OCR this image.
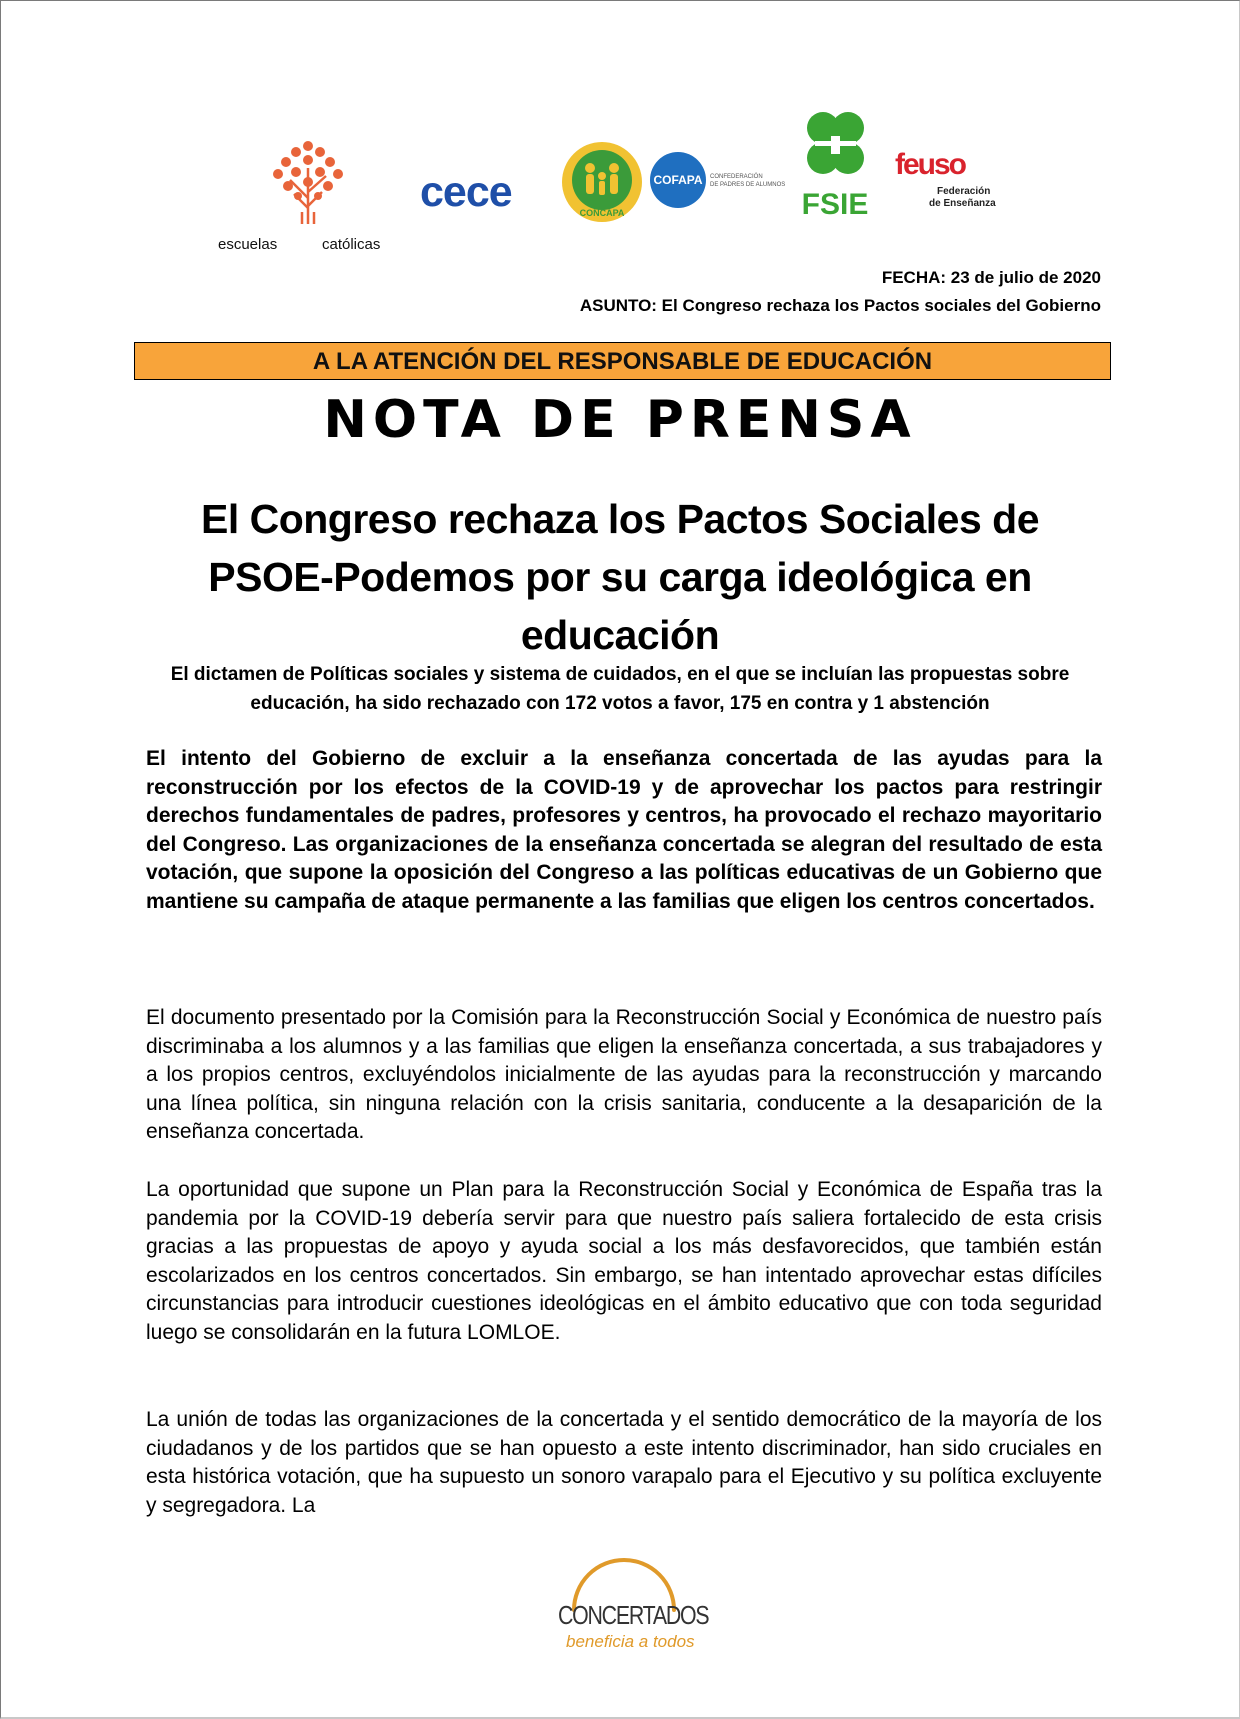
escuelas	católicas
cece	CONCAPA
COFAPA CONFEDERACIÓN
DE PADRES DE ALUMNOS
FSIE
feuso
Federación
de Enseñanza
FECHA: 23 de julio de 2020
ASUNTO: El Congreso rechaza los Pactos sociales del Gobierno
A LA ATENCIÓN DEL RESPONSABLE DE EDUCACIÓN
NOTA DE PRENSA
El Congreso rechaza los Pactos Sociales de PSOE-Podemos por su carga ideológica en educación
El dictamen de Políticas sociales y sistema de cuidados, en el que se incluían las propuestas sobre educación, ha sido rechazado con 172 votos a favor, 175 en contra y 1 abstención
El intento del Gobierno de excluir a la enseñanza concertada de las ayudas para la reconstrucción por los efectos de la COVID-19 y de aprovechar los pactos para restringir derechos fundamentales de padres, profesores y centros, ha provocado el rechazo mayoritario del Congreso. Las organizaciones de la enseñanza concertada se alegran del resultado de esta votación, que supone la oposición del Congreso a las políticas educativas de un Gobierno que mantiene su campaña de ataque permanente a las familias que eligen los centros concertados.
El documento presentado por la Comisión para la Reconstrucción Social y Económica de nuestro país discriminaba a los alumnos y a las familias que eligen la enseñanza concertada, a sus trabajadores y a los propios centros, excluyéndolos inicialmente de las ayudas para la reconstrucción y marcando una línea política, sin ninguna relación con la crisis sanitaria, conducente a la desaparición de la enseñanza concertada.
La oportunidad que supone un Plan para la Reconstrucción Social y Económica de España tras la pandemia por la COVID-19 debería servir para que nuestro país saliera fortalecido de esta crisis gracias a las propuestas de apoyo y ayuda social a los más desfavorecidos, que también están escolarizados en los centros concertados. Sin embargo, se han intentado aprovechar estas difíciles circunstancias para introducir cuestiones ideológicas en el ámbito educativo que con toda seguridad luego se consolidarán en la futura LOMLOE.
La unión de todas las organizaciones de la concertada y el sentido democrático de la mayoría de los ciudadanos y de los partidos que se han opuesto a este intento discriminador, han sido cruciales en esta histórica votación, que ha supuesto un sonoro varapalo para el Ejecutivo y su política excluyente y segregadora. La
CONCERTADOS
beneficia a todos
